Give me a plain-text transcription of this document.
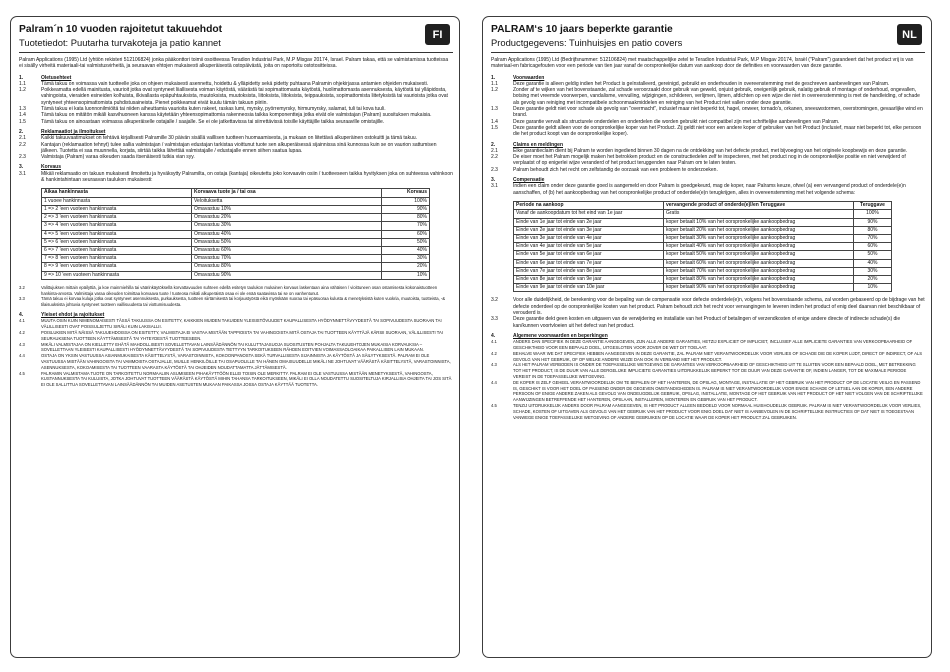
FI
Palram´n 10 vuoden rajoitetut takuuehdot
Tuotetiedot: Puutarha turvakoteja ja patio kannet
Palram Applications (1995) Ltd (yhtiön rekisteri 512106824) jonka pääkonttori toimii osoitteessa Teradion Industrial Park, M.P Misgav 20174, Israel. Palram takaa, että se valmistamissa tuotteissa ei sisälly virheitä materiaali-tai valmistusvirheitä, ja seuraavan ehtojen mukaisesti alkuperäisestä ostopäivästä, joita on raportoitu ostotositteissa.
1.	Oletusehteet
1.1	Tämä takuu on voimassa vain tuotteelle joka on ohjeen mukaisesti asennettu, hoidettu & ylläpidetty sekä pidetty puhtaana Palramin ohjekirjassa antamien ohjeiden mukaisesti.
1.2	Poikkeamatta edellä mainitusta, vaurioit jotka ovat syntyneet liiallisesta voiman käytöstä, väärästä tai sopimattomasta käytöstä, huolimattomasta asennuksesta, käytöstä tai ylläpidosta, vahingoista, vieraiden esineiden kolhuista, ilkivallasta epäpuhtauksista, muutoksista, muutoksista, liitoksista, liitoksista, teippauksista, sopimattomista liitetyksistä tai vaurioista jotka ovat syntyneet yhteensopimattomista puhdistusaineista. Pienet poikkeamat eivät kuulu tämän takuun piiriin.
1.3	Tämä takuu ei kata luonnonilmiöitä tai niiden aiheuttamia vaurioita kuten rakeet, raskas lumi, myrsky, pyörremyrsky, hirmumyrsky, salamat, tuli tai kova tuuli.
1.4	Tämä takuu on mitätön mikäli kasvihuoneen kanssa käytetään yhteensopimattomia rakenneosia taikka komponentteja jotka eivät ole valmistajan (Palram) suosituksen mukaisia.
1.5	Tämä takuu on ainoastaan voimassa alkuperäiselle ostajalle / saajalle. Se ei ole jatkettavissa tai siirrettävissä toisille käyttäjille taikka seuraaville omistajille.
2.	Reklamaatiot ja ilmoitukset
2.1	Kaikki takuuvaatimukset on tehtävä kirjallisesti Palramille 30 päivän sisällä vaillisen tuotteen huomaamisesta, ja mukaan on liitettävä alkuperäinen ostokuitti ja tämä takuu.
2.2	Kantajan (reklamaation tehnyt) tulee sallia valmistajan / valmistajan edustajan tarkistaa vioittunut tuote sen alkuperäisessä sijainnissa sinä kunnossa kuin se on vaurion sattumisen jälkeen. Tuotetta ei saa muunnella, korjata, siirtää taikka lähettää valmistajalle / edustajalle ennen siihen saatua lupaa.
2.3	Valmistaja (Palram) varaa oikeuden saada itsenäisesti tutkia vian syy.
3.	Korvaus
3.1	Mikäli reklamaatio on takuun mukaisesti ilmoitettu ja hyväksytty Palramilta, on ostaja (kantaja) oikeutettu joko korvaaviin osiin / tuotteeseen taikka hyvityksen joka on suhteessa vahinkoon & hankintahintaan seuraavan taulukon mukaisesti:
Aikaa hankinnasta	Korvaava tuote ja / tai osa	Korvaus
1 vuoee hankinnasta	Veloituksetta	100%
1 => 2 'een vuoteen hankinnasta	Omavastuu 10%	90%
2 => 3 'een vuoteen hankinnasta	Omavastuu 20%	80%
3 => 4 'een vuoteen hankinnasta	Omavastuu 30%	70%
4 => 5 'een vuoteen hankinnasta	Omavastuu 40%	60%
5 => 6 'een vuoteen hankinnasta	Omavastuu 50%	50%
6 => 7 'een vuoteen hankinnasta	Omavastuu 60%	40%
7 => 8 'een vuoteen hankinnasta	Omavastuu 70%	30%
8 => 9 'een vuoteen hankinnasta	Omavastuu 80%	20%
9 => 10 'een vuoteen hankinnasta	Omavastuu 90%	10%
3.2	Valittujuksen mittain epäilyttiä, ja koe mainmiehilla tai väärinkäytöksellä korvattavuuden suhteen edellä esitetyn taulukon mukainen korvaus laskentaan aina vähäisen / vioittuneen osan ostamisesta kokonaistuotteen hankinta-arvosta. Valmistaja varaa oikeuden toimittaa korvaava tuote / tuoteosa mikäli alkuperäistä osaa ei ole enää saatavissa tai se on vanhentunut.
3.3	Tämä takuu ei korvaa kuluja jotka ovat syntyneet asennuksesta, purkauksesta, tuotteen siirtämisestä tai korjaustyöstä eikä myöskään suoraa tai epäsuoraa kulusta & menetyksistä kuten vuokria, muutoista, tuotteista, -& tilaisuuksista johtuvia syntyneet tuotteen vaillisuudesta tai viottumisuudesta.
4.	Yleiset ehdot ja rajoitukset
4.1	MUUTA OSIN KUIN NIMENOMAISESTI TÄSSÄ TAKUUSSA ON ESITETTY, KAIKKIEN MUIDEN TAKUIDEN YLEISISTÖVUUDET KAUPALLISESTA HYÖDYNNETTÄVYYDESTÄ TAI SOPIVUUDESTA SUORAAN TAI VÄLILLISESTI OVAT POISSULJETTU SIRÄLI KUIN LAKISALLII.
4.2	POISLUKIEN MITÄ NÄISSÄ TAKUUEHDOISSA ON ESITETTY, VALMISTAJA EI VASTAA MISTÄÄN TAPPIOISTA TAI VAHINGOISTA MITÄ OSTAJA TAI TUOTTEEN KÄYTTÄJÄ KÄRSII SUORAAN, VÄLILLISESTI TAI SEURAUKSENA TUOTTEEN KÄYTTÄMISESTÄ TAI YHTEYDESTÄ TUOTTEESEEN.
4.3	MIKÄLI VALMISTAJAA ON KIELLETTY EHÄTÄ MAHDOLLISESTI SOVELLETTAVAN LAINSÄÄDÄNNÖN TAI KULUTTAJASUOJA SUOSITUSTEN POHJALTA TAKUUEHTOJEN MUKAISIA KORVAUKSIA – SOVELLETTAAN YLEISESTI KAUPALLISESTI HYÖDYNNETTÄVYYDESTÄ TAI SOPIVUUDESTA TIETTYYN TARKOITUKSEEN RÄHDEN EOITVIEN VOIMASSAOLOAIKAA PAIKALLISEN LAIN MUKAAN.
4.4	OSTAJA ON YKSIN VASTUUSSA ASIANMUKAISESTA KÄSITTELYSTÄ, VARASTOINNISTA, KOKOONPANOSTA SEKÄ TURVALLISESTA SIJAINNISTA JA KÄYTÖSTÄ JA SÄILYTYKSESTÄ. PALRAM EI OLE VASTUUSSA MISTÄÄN VAHINGOISTA TAI VAMMOISTA OSTAJALLE, MUILLE HENKILÖILLE TAI OSAPUOLILLE TAI HÄNEN OMAISUUDELLE MIKÄLI NE JOHTUVAT VÄÄRÄSTÄ KÄSITTELYSTÄ, VARASTOINNISTA, ASENNUKSESTA, KOKOAMISESTA TAI TUOTTEEN VAARASTA KÄYTÖSTÄ TAI OHJEIDEN NOUDATTAMATTA JÄTTÄMISESTÄ.
4.5	PALRAMIN VALMISTAMA TUOTE ON TARKOITETTU NORMAALIIN ASUMISEEN PIHAKÄYTTÖÖN ELLEI TOISIN OLE MERKITTY. PALRAM EI OLE VASTUUSSA MISTÄÄN MENETYKSESTÄ, VAHINGOSTA, KUSTANNUKSESTA TAI KULUISTA, JOTKA JOHTUVAT TUOTTEEN VÄÄRÄSTÄ KÄYTÖSTÄ MIHIN TAHANSA TARKOITUKSEEN, MIKÄLI EI OLLA NOUDATETTU SUOSITELTUJA KIRJALLISIA OHJEITA TAI JOS SITÄ EI OLE SALLITTUA SOVELLETTAVAN LAINSÄÄDÄNNÖN TAI MUIDEN ASETUSTEN MUKAAN PAIKASSA JOSSA OSTAJA KÄYTTÄÄ TUOTETTA.
NL
PALRAM‘s 10 jaars beperkte garantie
Productgegevens: Tuinhuisjes en patio covers
Palram Applications (1995) Ltd (Bedrijfsnummer: 512106824) met maatschappelijke zetel te Teradion Industrial Park, M.P Misgav 20174, Israël ("Palram") garandeert dat het product vrij is van materiaal-en fabricagefouten voor een periode van tien jaar vanaf de oorspronkelijke datum van aankoop door de definities en voorwaarden van deze garantie.
1.	Voorwaarden
1.1	Deze garantie is alleen geldig indien het Product is geïnstalleerd, gereinigd, gebruikt en onderhouden in overeenstemming met de geschreven aanbevelingen van Palram.
1.2	Zonder af te wijken van het bovenstaande, zal schade veroorzaakt door gebruik van geweld, onjuist gebruik, oneigenlijk gebruik, nalatig gebruik of montage of onderhoud, ongevallen, botsing met vreemde voorwerpen, vandalisme, vervuiling, wijzigingen, schilderen, verlijmen, lijmen, afdichten op een wijze die niet in overeenstemming is met de handleiding, of schade als gevolg van reiniging met incompatibele schoonmaakmiddelen en reiniging van het Product niet vallen onder deze garantie.
1.3	Deze garantie geldt niet voor schade als gevolg van "overmacht", inclusief maar niet beperkt tot, hagel, onweer, tornado's, orkanen, sneeuwstormen, overstromingen, gevaarlijke wind en brand.
1.4	Deze garantie vervalt als structurele onderdelen en onderdelen die worden gebruikt niet compatibel zijn met schriftelijke aanbevelingen van Palram.
1.5	Deze garantie geldt alleen voor de oorspronkelijke koper van het Product. Zij geldt niet voor een andere koper of gebruiker van het Product (inclusief, maar niet beperkt tot, elke persoon die het product koopt van de oorspronkelijke koper).
2.	Claims en meldingen
2.1	Elke garantieclaim dient bij Palram te worden ingediend binnen 30 dagen na de ontdekking van het defecte product, met bijvoeging van het originele koopbewijs en deze garantie.
2.2	De eiser moet het Palram mogelijk maken het betrokken product en de constructiedelen zelf te inspecteren, met het product nog in de oorspronkelijke positie en niet verwijderd of verplaatst of op enigerlei wijze veranderd of het product teruggenden naar Palram om te laten testen.
2.3	Palram behoudt zich het recht om zelfstandig de oorzaak van een probleem te onderzoeken.
3.	Compensatie
3.1	Indien een claim onder deze garantie goed is aangemeld en door Palram is goedgekeurd, mag de koper, naar Palrams keuze, ofwel (a) een vervangend product of onderdele(e)n aanschaffen, of (b) het aankoopbedrag van het oorspronkelijke product of onderdele(e)n terugkrijgen, alles in overeenstemming met het volgende schema:
Periode na aankoop	vervangende product of onderde(e)l/en Teruggave	Teruggave
Vanaf de aankoopdatum tot het eind van 1e jaar	Gratis	100%
Einde van 1e jaar tot einde van 2e jaar	koper betaalt 10% van het oorspronkelijke aankoopbedrag	90%
Einde van 2e jaar tot einde van 3e jaar	koper betaalt 20% van het oorspronkelijke aankoopbedrag	80%
Einde van 3e jaar tot einde van 4e jaar	koper betaalt 30% van het oorspronkelijke aankoopbedrag	70%
Einde van 4e jaar tot einde van 5e jaar	koper betaalt 40% van het oorspronkelijke aankoopbedrag	60%
Einde van 5e jaar tot einde van 6e jaar	koper betaalt 50% van het oorspronkelijke aankoopbedrag	50%
Einde van 6e jaar tot einde van 7e jaar	koper betaalt 60% van het oorspronkelijke aankoopbedrag	40%
Einde van 7e jaar tot einde van 8e jaar	koper betaalt 70% van het oorspronkelijke aankoopbedrag	30%
Einde van 8e jaar tot einde van 9e jaar	koper betaalt 80% van het oorspronkelijke aankoopbedrag	20%
Einde van 9e jaar tot einde van 10e jaar	koper betaalt 90% van het oorspronkelijke aankoopbedrag	10%
3.2	Voor alle duidelijkheid, de berekening voor de bepaling van de compensatie voor defecte onderdele(e)n, volgens het bovenstaande schema, zal worden gebaseerd op de bijdrage van het defecte onderdeel op de oorspronkelijke kosten van het product. Palram behoudt zich het recht voor vervangingen te leveren indien het product of enig deel daarvan niet beschikbaar of verouderd is.
3.3	Deze garantie dekt geen kosten en uitgaven van de verwijdering en installatie van het Product of betalingen of verzendkosten of enige andere directe of indirecte schade(s) die kan/kunnen voortvloeien uit het defect van het product.
4.	Algemene voorwaarden en beperkingen
4.1	ANDERS DAN SPECIFIEK IN DEZE GARANTIE AANGEGEVEN, ZIJN ALLE ANDERE GARANTIES, HETZIJ EXPLICIET OF IMPLICIET, INCLUSIEF ALLE IMPLICIETE GARANTIES VAN VERKOOPBAARHEID OF GESCHIKTHEID VOOR EEN BEPAALD DOEL, UITGESLOTEN VOOR ZOVER DE WET DIT TOELAAT.
4.2	BEHALVE WAAR WE DAT SPECIFIEK HEBBEN AANGEGEVEN IN DEZE GARANTIE, ZAL PALRAM NIET VERANTWOORDELIJK VOOR VERLIES OF SCHADE DIE DE KOPER LIJDT, DIRECT OF INDIRECT, OF ALS GEVOLG VAN HET GEBRUIK, OF OP WELKE ANDERE WIJZE DAN OOK IN VERBAND MET HET PRODUCT.
4.3	ALS HET PALRAM VERBODEN IS ONDER DE TOEPASSELIJKE WETGEVING DE GARANTIES VAN VERKOOPBAARHEID OF GESCHIKTHEID UIT TE SLUITEN VOOR EEN BEPAALD DOEL, MET BETREKKING TOT HET PRODUCT, IS DE DUUR VAN ALLE DERGELIJKE IMPLICIETE GARANTIES UITDRUKKELIJK BEPERKT TOT DE DUUR VAN DEZE GARANTIE OF, INDIEN LANGER, TOT DE MAXIMALE PERIODE VEREIST IN DE TOEPASSELIJKE WETGEVING.
4.4	DE KOPER IS ZELF GEHEEL VERANTWOORDELIJK OM TE BEPALEN OF HET HANTEREN, DE OPSLAG, MONTAGE, INSTALLATIE OF HET GEBRUIK VAN HET PRODUCT OP DE LOCATIE VEILIG EN PASSEND IS, GESCHIKT IS VOOR HET DOEL OF PASSEND ONDER DE GEGEVEN OMSTANDIGHEDEN IS. PALRAM IS NIET VERANTWOORDELIJK VOOR ENIGE SCHADE OF LETSEL AAN DE KOPER, EEN ANDERE PERSOON OF ENIGE ANDERE ZAKEN ALS GEVOLG VAN ONDEUGDELIJK GEBRUIK, OPSLAG, INSTALLATIE, MONTAGE OF HET GEBRUIK VAN HET PRODUCT OF HET NIET VOLGEN VAN DE SCHRIFTELIJKE AANWIJZINGEN BETREFFENDE HET HANTEREN, OPSLAAN, INSTALLEREN, MONTEREN EN GEBRUIK VAN HET PRODUCT.
4.5	TENZIJ UITDRUKKELIJK ANDERS DOOR PALRAM AANGEGEVEN, IS HET PRODUCT ALLEEN BEDOELD VOOR NORMAAL HUISHOUDELIJK GEBRUIK. PALRAM IS NIET VERANTWOORDELIJK VOOR VERLIES, SCHADE, KOSTEN OF UITGAVEN ALS GEVOLG VAN HET GEBRUIK VAN HET PRODUCT VOOR ENIG DOEL DAT NIET IS AANBEVOLEN IN DE SCHRIFTELIJKE INSTRUCTIES OF DAT NIET IS TOEGESTAAN VANWEGE ENIGE TOEPASSELIJKE WETGEVING OF ANDERE GEBRUIKEN OP DE LOCATIE WAAR DE KOPER HET PRODUCT ZAL GEBRUIKEN.
